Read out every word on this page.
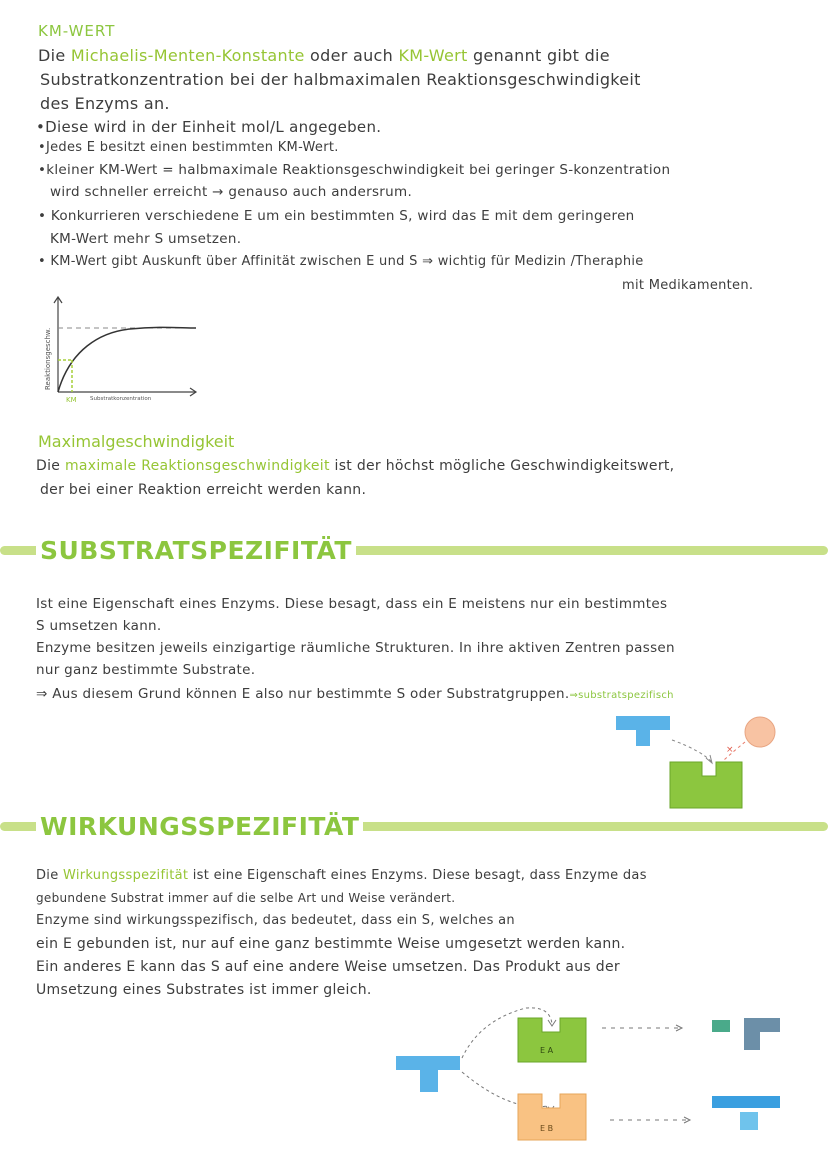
KM-WERT
Die Michaelis-Menten-Konstante oder auch KM-Wert genannt gibt die
Substratkonzentration bei der halbmaximalen Reaktionsgeschwindigkeit
des Enzyms an.
•Diese wird in der Einheit mol/L angegeben.
•Jedes E besitzt einen bestimmten KM-Wert.
•kleiner KM-Wert = halbmaximale Reaktionsgeschwindigkeit bei geringer S-konzentration
wird schneller erreicht → genauso auch andersrum.
• Konkurrieren verschiedene E um ein bestimmten S, wird das E mit dem geringeren
KM-Wert mehr S umsetzen.
• KM-Wert gibt Auskunft über Affinität zwischen E und S ⇒ wichtig für Medizin /Theraphie
mit Medikamenten.
Reaktionsgeschw.
KM Substratkonzentration
Maximalgeschwindigkeit
Die maximale Reaktionsgeschwindigkeit ist der höchst mögliche Geschwindigkeitswert,
der bei einer Reaktion erreicht werden kann.
SUBSTRATSPEZIFITÄT
Ist eine Eigenschaft eines Enzyms. Diese besagt, dass ein E meistens nur ein bestimmtes
S umsetzen kann.
Enzyme besitzen jeweils einzigartige räumliche Strukturen. In ihre aktiven Zentren passen
nur ganz bestimmte Substrate.
⇒ Aus diesem Grund können E also nur bestimmte S oder Substratgruppen.⇒substratspezifisch
×
WIRKUNGSSPEZIFITÄT
Die Wirkungsspezifität ist eine Eigenschaft eines Enzyms. Diese besagt, dass Enzyme das
gebundene Substrat immer auf die selbe Art und Weise verändert.
Enzyme sind wirkungsspezifisch, das bedeutet, dass ein S, welches an
ein E gebunden ist, nur auf eine ganz bestimmte Weise umgesetzt werden kann.
Ein anderes E kann das S auf eine andere Weise umsetzen. Das Produkt aus der
Umsetzung eines Substrates ist immer gleich.
E A
E B
